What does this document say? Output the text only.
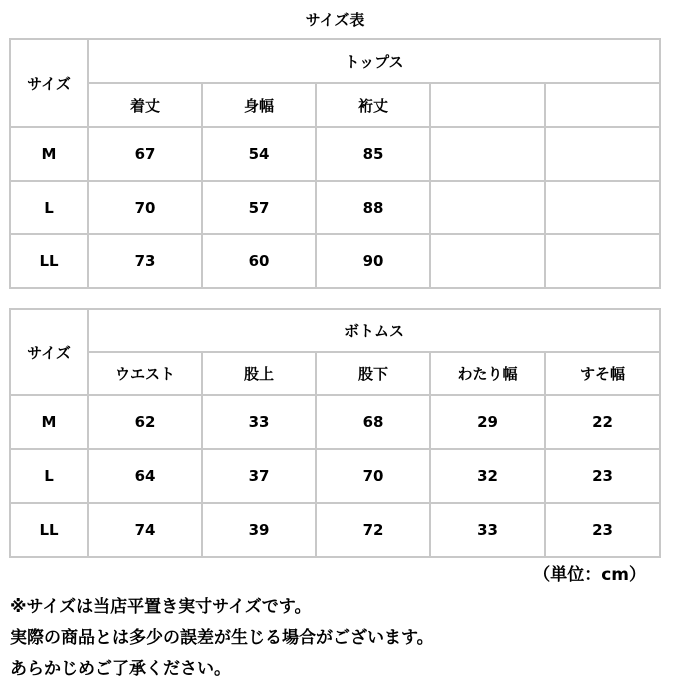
サイズ表
サイズ	トップス				
	着丈	身幅	裄丈		
M	67	54	85		
L	70	57	88		
LL	73	60	90		
サイズ	ボトムス				
	ウエスト	股上	股下	わたり幅	すそ幅
M	62	33	68	29	22
L	64	37	70	32	23
LL	74	39	72	33	23
（単位：cm）

※サイズは当店平置き実寸サイズです。

実際の商品とは多少の誤差が生じる場合がございます。

あらかじめご了承ください。
